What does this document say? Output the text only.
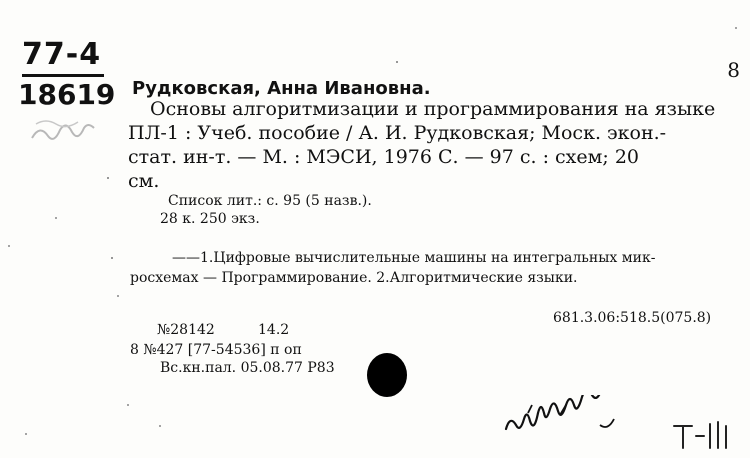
77-4
18619
8
Рудковская, Анна Ивановна.
Основы алгоритмизации и программирования на языке
ПЛ-1 : Учеб. пособие / А. И. Рудковская; Моск. экон.-
стат. ин-т. — М. : МЭСИ, 1976 С. — 97 с. : схем; 20
см.
Список лит.: с. 95 (5 назв.).
28 к. 250 экз.
——1.Цифровые вычислительные машины на интегральных мик-
росхемах — Программирование. 2.Алгоритмические языки.
681.3.06:518.5(075.8)
№28142	14.2
8 №427 [77-54536] п оп
Вс.кн.пал. 05.08.77 Р83
